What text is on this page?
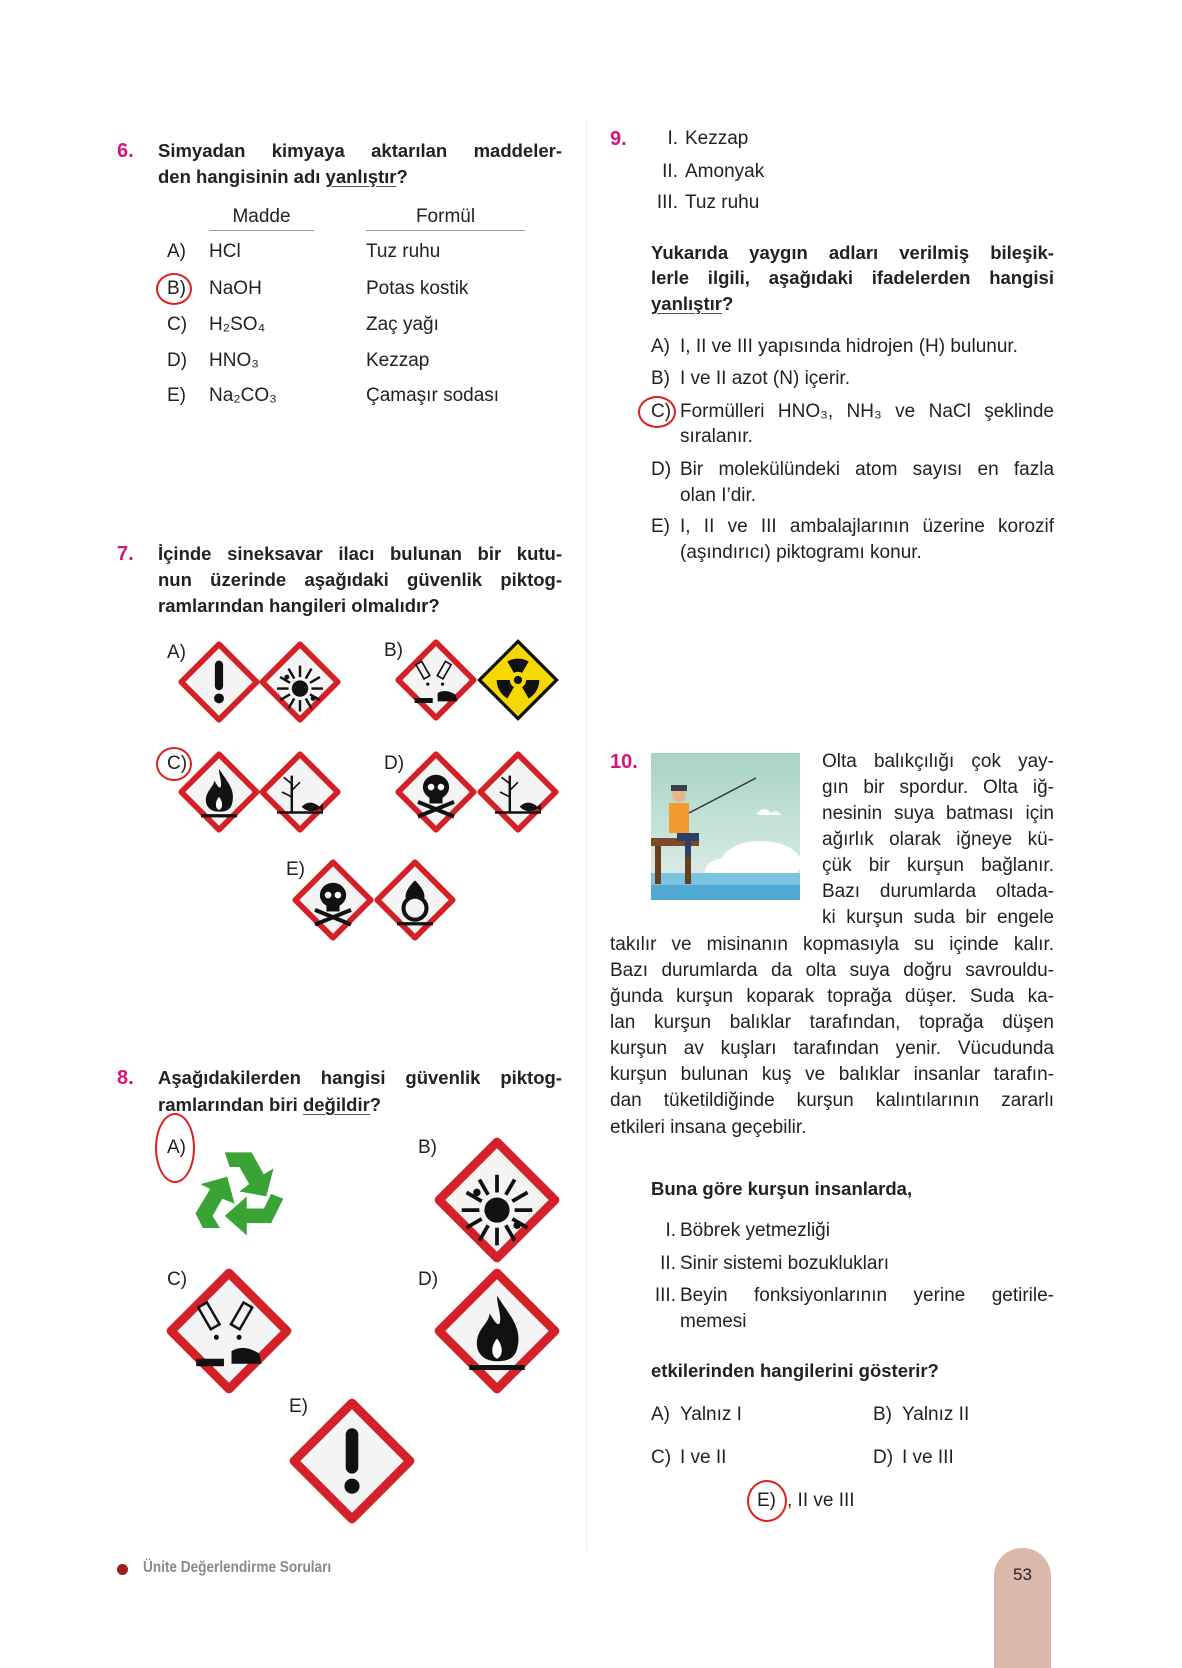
6. Simyadan kimyaya aktarılan maddeler-
den hangisinin adı yanlıştır?
Madde	Formül
A) HCl	Tuz ruhu
B) NaOH	Potas kostik
C) H₂SO₄	Zaç yağı
D) HNO₃	Kezzap
E) Na₂CO₃	Çamaşır sodası
7. İçinde sineksavar ilacı bulunan bir kutu-
nun üzerinde aşağıdaki güvenlik piktog-
ramlarından hangileri olmalıdır?
A)	B)
C)	D)
E)
8. Aşağıdakilerden hangisi güvenlik piktog-
ramlarından biri değildir?
A)	B)
C)	D)
E)
9.	I. Kezzap
II. Amonyak
III. Tuz ruhu
Yukarıda yaygın adları verilmiş bileşik-
lerle ilgili, aşağıdaki ifadelerden hangisi
yanlıştır?
A) I, II ve III yapısında hidrojen (H) bulunur.
B) I ve II azot (N) içerir.
C) Formülleri HNO₃, NH₃ ve NaCl şeklinde
sıralanır.
D) Bir molekülündeki atom sayısı en fazla
olan I’dir.
E) I, II ve III ambalajlarının üzerine korozif
(aşındırıcı) piktogramı konur.
10.	Olta balıkçılığı çok yay-
gın bir spordur. Olta iğ-
nesinin suya batması için
ağırlık olarak iğneye kü-
çük bir kurşun bağlanır.
Bazı durumlarda oltada-
ki kurşun suda bir engele
takılır ve misinanın kopmasıyla su içinde kalır.
Bazı durumlarda da olta suya doğru savrouldu-
ğunda kurşun koparak toprağa düşer. Suda ka-
lan kurşun balıklar tarafından, toprağa düşen
kurşun av kuşları tarafından yenir. Vücudunda
kurşun bulunan kuş ve balıklar insanlar tarafın-
dan tüketildiğinde kurşun kalıntılarının zararlı
etkileri insana geçebilir.
Buna göre kurşun insanlarda,
I. Böbrek yetmezliği
II. Sinir sistemi bozuklukları
III. Beyin fonksiyonlarının yerine getirile-
memesi
etkilerinden hangilerini gösterir?
A) Yalnız I	B) Yalnız II
C) I ve II	D) I ve III
E) , II ve III
Ünite Değerlendirme Soruları	53
